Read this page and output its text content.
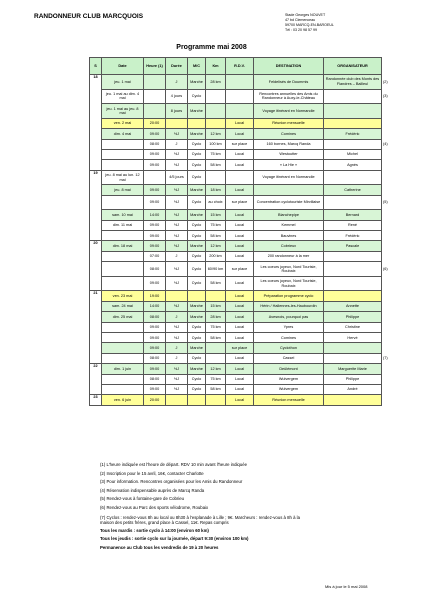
RANDONNEUR CLUB MARCQUOIS	Stade Georges NOUVET
47 bd Clemenceau
59700 MARCQ-EN-BAROEUL
Tél : 03 20 98 57 99
Programme mai 2008
S	Date	Heure (1)	Durée	M/C	Km	R.D.V.	DESTINATION	ORGANISATEUR	
18	jeu. 1 mai		J	Marche	28 km		Feldelisés de Doummis	Randonnée club des Monts des Flandres – Bailleul	(2)
	jeu. 1 mai au dim. 4 mai		4 jours	Cyclo			Rencontres annuelles des Amis du Randonneur à Auxy-le-Château		(3)
	jeu. 1 mai au jeu. 8 mai		8 jours	Marche			Voyage itinérant en Normandie		
	ven. 2 mai	20:00				Local	Réunion mensuelle		
	dim. 4 mai	09:00	½J	Marche	12 km	Local	Comines	Frédéric	
		08:00	J	Cyclo	100 km	sur place	160 bornes, Marcq Randa		(4)
		09:00	½J	Cyclo	75 km	Local	Westoutter	Michel	
		09:00	½J	Cyclo	58 km	Local	« La Hie »	Agnès	
19	jeu. 8 mai au lun. 12 mai		4/5 jours	Cyclo			Voyage itinérant en Normandie		
	jeu. 8 mai	09:00	½J	Marche	18 km	Local		Catherine	
		09:00	½J	Cyclo	au choix	sur place	Concentration cyclotouriste Mirvillaise		(5)
	sam. 10 mai	14:00	½J	Marche	15 km	Local	Blanchepipe	Bernard	
	dim. 11 mai	09:00	½J	Cyclo	75 km	Local	Kemmel	René	
		09:00	½J	Cyclo	58 km	Local	Bauvines	Frédéric	
20	dim. 18 mai	09:00	½J	Marche	12 km	Local	Cobrieux	Pascale	
		07:00	J	Cyclo	200 km	Local	200 randonneur à la mer		
		08:00	½J	Cyclo	60/90 km	sur place	Les coeurs joyeux, Nord Tourisie, Roubaix		(6)
		09:00	½J	Cyclo	58 km	Local	Les coeurs joyeux, Nord Tourisie, Roubaix		
21	ven. 23 mai	19:00				Local	Préparation programme cyclo		
	sam. 24 mai	14:00	½J	Marche	15 km	Local	Hérin / Hallennes-les-Haubourdin	Annette	
	dim. 25 mai	08:00	J	Marche	28 km	Local	Avesnois, pourquoi pas	Philippe	
		09:00	½J	Cyclo	75 km	Local	Ypres	Christine	
		09:00	½J	Cyclo	58 km	Local	Comines	Hervé	
		09:00	J	Marche		sur place	Cyclothon		
		08:00	J	Cyclo		Local	Cassel		(7)
22	dim. 1 juin	09:00	½J	Marche	12 km	Local	Deûlémont	Marguerite Marie	
		08:00	½J	Cyclo	75 km	Local	Wulvergem	Philippe	
		09:00	½J	Cyclo	58 km	Local	Wulvergem	André	
23	ven. 6 juin	20:00				Local	Réunion mensuelle		
(1) L'heure indiquée est l'heure de départ. RDV 10 min avant l'heure indiquée
(2) Inscription pour le 15 avril, 16€, contacter Charlotte
(3) Pour information. Rencontres organisées pour les Amis du Randonneur
(4) Réservation indispensable auprès de Marcq Randa
(5) Rendez-vous à fontaine-gare de Cobrieu
(6) Rendez-vous au Parc des sports vélodrome, Roubaix
(7) Cyclos : rendez-vous 8h au local ou 8h30 à l'esplanade à Lille ; 9€. Marcheurs : rendez-vous à 8h à la
maison des petits frères, grand place à Cassel, 11€. Repas compris
Tous les mardis : sortie cyclo à 14:00 (environ 60 km)
Tous les jeudis : sortie cyclo sur la journée, départ 9:30 (environ 100 km)
Permanence au Club tous les vendredis de 19 à 20 heures
Mis à jour le 5 mai 2008
